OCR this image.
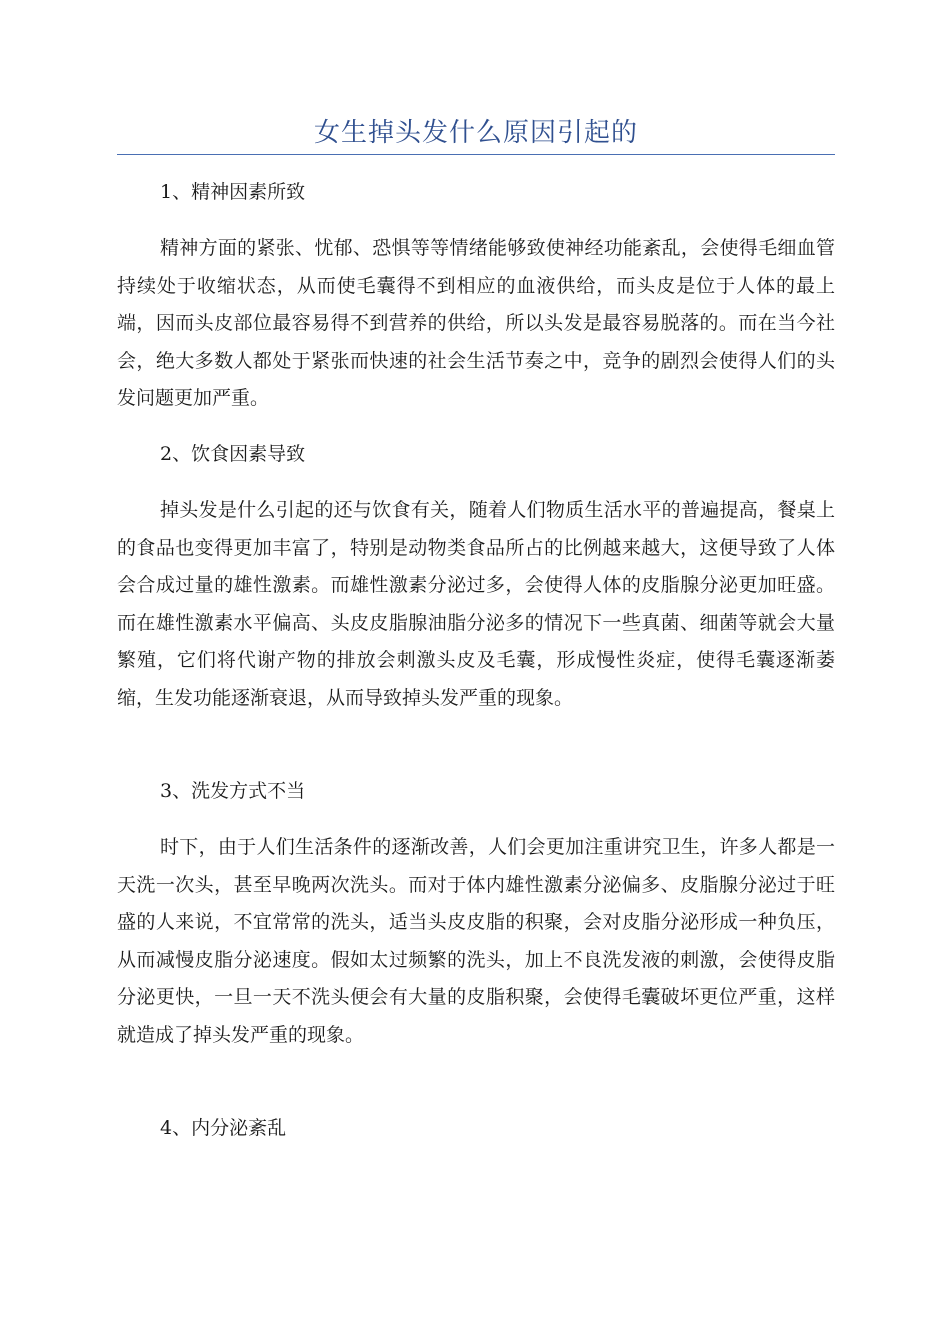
女生掉头发什么原因引起的

1、精神因素所致

精神方面的紧张、忧郁、恐惧等等情绪能够致使神经功能紊乱，会使得毛细血管持续处于收缩状态，从而使毛囊得不到相应的血液供给，而头皮是位于人体的最上端，因而头皮部位最容易得不到营养的供给，所以头发是最容易脱落的。而在当今社会，绝大多数人都处于紧张而快速的社会生活节奏之中，竞争的剧烈会使得人们的头发问题更加严重。

2、饮食因素导致

掉头发是什么引起的还与饮食有关，随着人们物质生活水平的普遍提高，餐桌上的食品也变得更加丰富了，特别是动物类食品所占的比例越来越大，这便导致了人体会合成过量的雄性激素。而雄性激素分泌过多，会使得人体的皮脂腺分泌更加旺盛。而在雄性激素水平偏高、头皮皮脂腺油脂分泌多的情况下一些真菌、细菌等就会大量繁殖，它们将代谢产物的排放会刺激头皮及毛囊，形成慢性炎症，使得毛囊逐渐萎缩，生发功能逐渐衰退，从而导致掉头发严重的现象。

3、洗发方式不当

时下，由于人们生活条件的逐渐改善，人们会更加注重讲究卫生，许多人都是一天洗一次头，甚至早晚两次洗头。而对于体内雄性激素分泌偏多、皮脂腺分泌过于旺盛的人来说，不宜常常的洗头，适当头皮皮脂的积聚，会对皮脂分泌形成一种负压，从而减慢皮脂分泌速度。假如太过频繁的洗头，加上不良洗发液的刺激，会使得皮脂分泌更快，一旦一天不洗头便会有大量的皮脂积聚，会使得毛囊破坏更位严重，这样就造成了掉头发严重的现象。

4、内分泌紊乱
